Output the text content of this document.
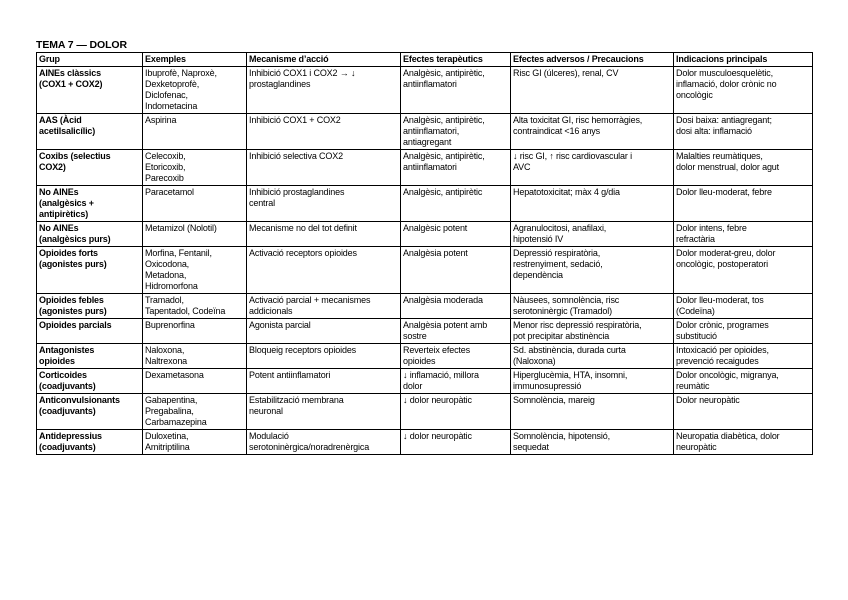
TEMA 7 — DOLOR
Grup	Exemples	Mecanisme d’acció	Efectes terapèutics	Efectes adversos / Precaucions	Indicacions principals

AINEs clàssics
(COX1 + COX2)	Ibuprofè, Naproxè,
Dexketoprofè,
Diclofenac,
Indometacina	Inhibició COX1 i COX2 → ↓
prostaglandines	Analgèsic, antipirètic,
antiinflamatori	Risc GI (úlceres), renal, CV	Dolor musculoesquelètic,
inflamació, dolor crònic no
oncològic

AAS (Àcid
acetilsalicílic)	Aspirina	Inhibició COX1 + COX2	Analgèsic, antipirètic,
antiinflamatori,
antiagregant	Alta toxicitat GI, risc hemorràgies,
contraindicat <16 anys	Dosi baixa: antiagregant;
dosi alta: inflamació

Coxibs (selectius
COX2)	Celecoxib,
Etoricoxib,
Parecoxib	Inhibició selectiva COX2	Analgèsic, antipirètic,
antiinflamatori	↓ risc GI, ↑ risc cardiovascular i
AVC	Malalties reumàtiques,
dolor menstrual, dolor agut

No AINEs
(analgèsics +
antipirètics)	Paracetamol	Inhibició prostaglandines
central	Analgèsic, antipirètic	Hepatotoxicitat; màx 4 g/dia	Dolor lleu-moderat, febre

No AINEs
(analgèsics purs)	Metamizol (Nolotil)	Mecanisme no del tot definit	Analgèsic potent	Agranulocitosi, anafilaxi,
hipotensió IV	Dolor intens, febre
refractària

Opioides forts
(agonistes purs)	Morfina, Fentanil,
Oxicodona,
Metadona,
Hidromorfona	Activació receptors opioides	Analgèsia potent	Depressió respiratòria,
restrenyiment, sedació,
dependència	Dolor moderat-greu, dolor
oncològic, postoperatori

Opioides febles
(agonistes purs)	Tramadol,
Tapentadol, Codeïna	Activació parcial + mecanismes
addicionals	Analgèsia moderada	Nàusees, somnolència, risc
serotoninèrgic (Tramadol)	Dolor lleu-moderat, tos
(Codeïna)

Opioides parcials	Buprenorfina	Agonista parcial	Analgèsia potent amb
sostre	Menor risc depressió respiratòria,
pot precipitar abstinència	Dolor crònic, programes
substitució

Antagonistes
opioides	Naloxona,
Naltrexona	Bloqueig receptors opioides	Reverteix efectes
opioides	Sd. abstinència, durada curta
(Naloxona)	Intoxicació per opioides,
prevenció recaigudes

Corticoides
(coadjuvants)	Dexametasona	Potent antiinflamatori	↓ inflamació, millora
dolor	Hiperglucèmia, HTA, insomni,
immunosupressió	Dolor oncològic, migranya,
reumàtic

Anticonvulsionants
(coadjuvants)	Gabapentina,
Pregabalina,
Carbamazepina	Estabilització membrana
neuronal	↓ dolor neuropàtic	Somnolència, mareig	Dolor neuropàtic

Antidepressius
(coadjuvants)	Duloxetina,
Amitriptilina	Modulació
serotoninèrgica/noradrenèrgica	↓ dolor neuropàtic	Somnolència, hipotensió,
sequedat	Neuropatia diabètica, dolor
neuropàtic
